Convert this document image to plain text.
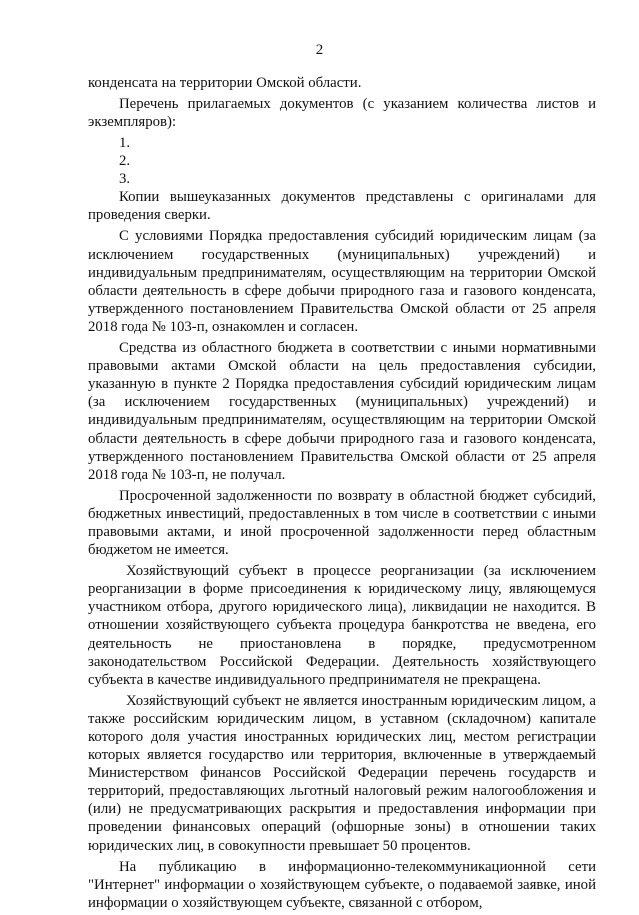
2

конденсата на территории Омской области.

Перечень прилагаемых документов (с указанием количества листов и экземпляров):

1.
2.
3.

Копии вышеуказанных документов представлены с оригиналами для проведения сверки.

С условиями Порядка предоставления субсидий юридическим лицам (за исключением государственных (муниципальных) учреждений) и индивидуальным предпринимателям, осуществляющим на территории Омской области деятельность в сфере добычи природного газа и газового конденсата, утвержденного постановлением Правительства Омской области от 25 апреля 2018 года № 103-п, ознакомлен и согласен.

Средства из областного бюджета в соответствии с иными нормативными правовыми актами Омской области на цель предоставления субсидии, указанную в пункте 2 Порядка предоставления субсидий юридическим лицам (за исключением государственных (муниципальных) учреждений) и индивидуальным предпринимателям, осуществляющим на территории Омской области деятельность в сфере добычи природного газа и газового конденсата, утвержденного постановлением Правительства Омской области от 25 апреля 2018 года № 103-п, не получал.

Просроченной задолженности по возврату в областной бюджет субсидий, бюджетных инвестиций, предоставленных в том числе в соответствии с иными правовыми актами, и иной просроченной задолженности перед областным бюджетом не имеется.

Хозяйствующий субъект в процессе реорганизации (за исключением реорганизации в форме присоединения к юридическому лицу, являющемуся участником отбора, другого юридического лица), ликвидации не находится. В отношении хозяйствующего субъекта процедура банкротства не введена, его деятельность не приостановлена в порядке, предусмотренном законодательством Российской Федерации. Деятельность хозяйствующего субъекта в качестве индивидуального предпринимателя не прекращена.

Хозяйствующий субъект не является иностранным юридическим лицом, а также российским юридическим лицом, в уставном (складочном) капитале которого доля участия иностранных юридических лиц, местом регистрации которых является государство или территория, включенные в утверждаемый Министерством финансов Российской Федерации перечень государств и территорий, предоставляющих льготный налоговый режим налогообложения и (или) не предусматривающих раскрытия и предоставления информации при проведении финансовых операций (офшорные зоны) в отношении таких юридических лиц, в совокупности превышает 50 процентов.

На публикацию в информационно-телекоммуникационной сети "Интернет" информации о хозяйствующем субъекте, о подаваемой заявке, иной информации о хозяйствующем субъекте, связанной с отбором,
